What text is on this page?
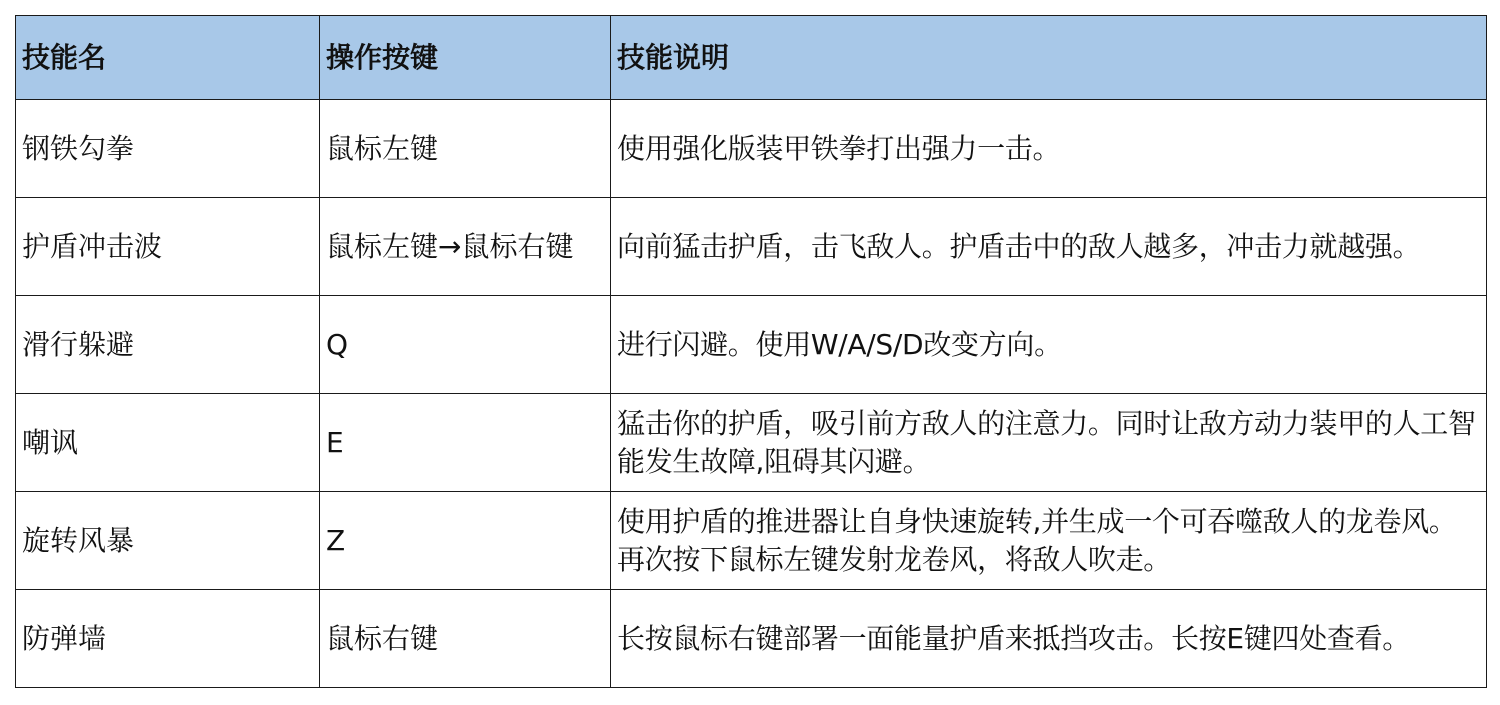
技能名	操作按键	技能说明
钢铁勾拳	鼠标左键	使用强化版装甲铁拳打出强力一击。
护盾冲击波	鼠标左键→鼠标右键	向前猛击护盾，击飞敌人。护盾击中的敌人越多，冲击力就越强。
滑行躲避	Q	进行闪避。使用W/A/S/D改变方向。
嘲讽	E	猛击你的护盾，吸引前方敌人的注意力。同时让敌方动力装甲的人工智能发生故障,阻碍其闪避。
旋转风暴	Z	使用护盾的推进器让自身快速旋转,并生成一个可吞噬敌人的龙卷风。再次按下鼠标左键发射龙卷风，将敌人吹走。
防弹墙	鼠标右键	长按鼠标右键部署一面能量护盾来抵挡攻击。长按E键四处查看。
